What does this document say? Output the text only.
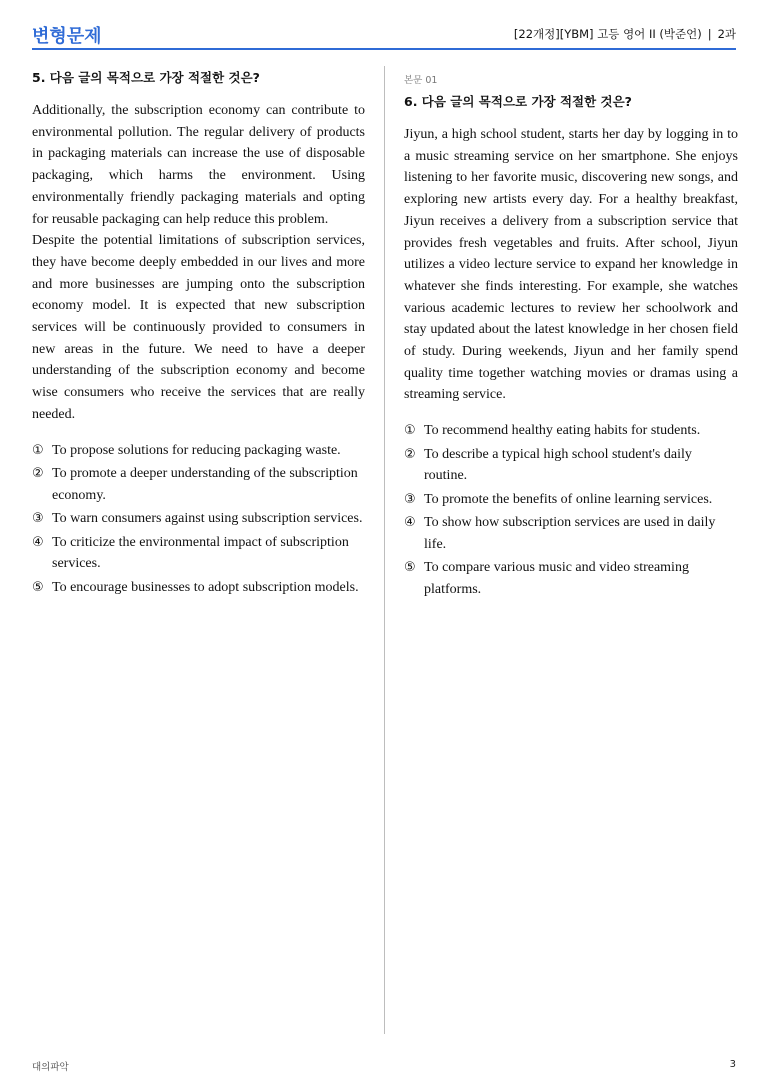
변형문제	[22개정][YBM] 고등 영어 II (박준언) | 2과
5. 다음 글의 목적으로 가장 적절한 것은?

Additionally, the subscription economy can contribute to environmental pollution. The regular delivery of products in packaging materials can increase the use of disposable packaging, which harms the environment. Using environmentally friendly packaging materials and opting for reusable packaging can help reduce this problem.

Despite the potential limitations of subscription services, they have become deeply embedded in our lives and more and more businesses are jumping onto the subscription economy model. It is expected that new subscription services will be continuously provided to consumers in new areas in the future. We need to have a deeper understanding of the subscription economy and become wise consumers who receive the services that are really needed.

① To propose solutions for reducing packaging waste.
② To promote a deeper understanding of the subscription economy.
③ To warn consumers against using subscription services.
④ To criticize the environmental impact of subscription services.
⑤ To encourage businesses to adopt subscription models.
본문 01
6. 다음 글의 목적으로 가장 적절한 것은?

Jiyun, a high school student, starts her day by logging in to a music streaming service on her smartphone. She enjoys listening to her favorite music, discovering new songs, and exploring new artists every day. For a healthy breakfast, Jiyun receives a delivery from a subscription service that provides fresh vegetables and fruits. After school, Jiyun utilizes a video lecture service to expand her knowledge in whatever she finds interesting. For example, she watches various academic lectures to review her schoolwork and stay updated about the latest knowledge in her chosen field of study. During weekends, Jiyun and her family spend quality time together watching movies or dramas using a streaming service.

① To recommend healthy eating habits for students.
② To describe a typical high school student's daily routine.
③ To promote the benefits of online learning services.
④ To show how subscription services are used in daily life.
⑤ To compare various music and video streaming platforms.
대의파악	3
